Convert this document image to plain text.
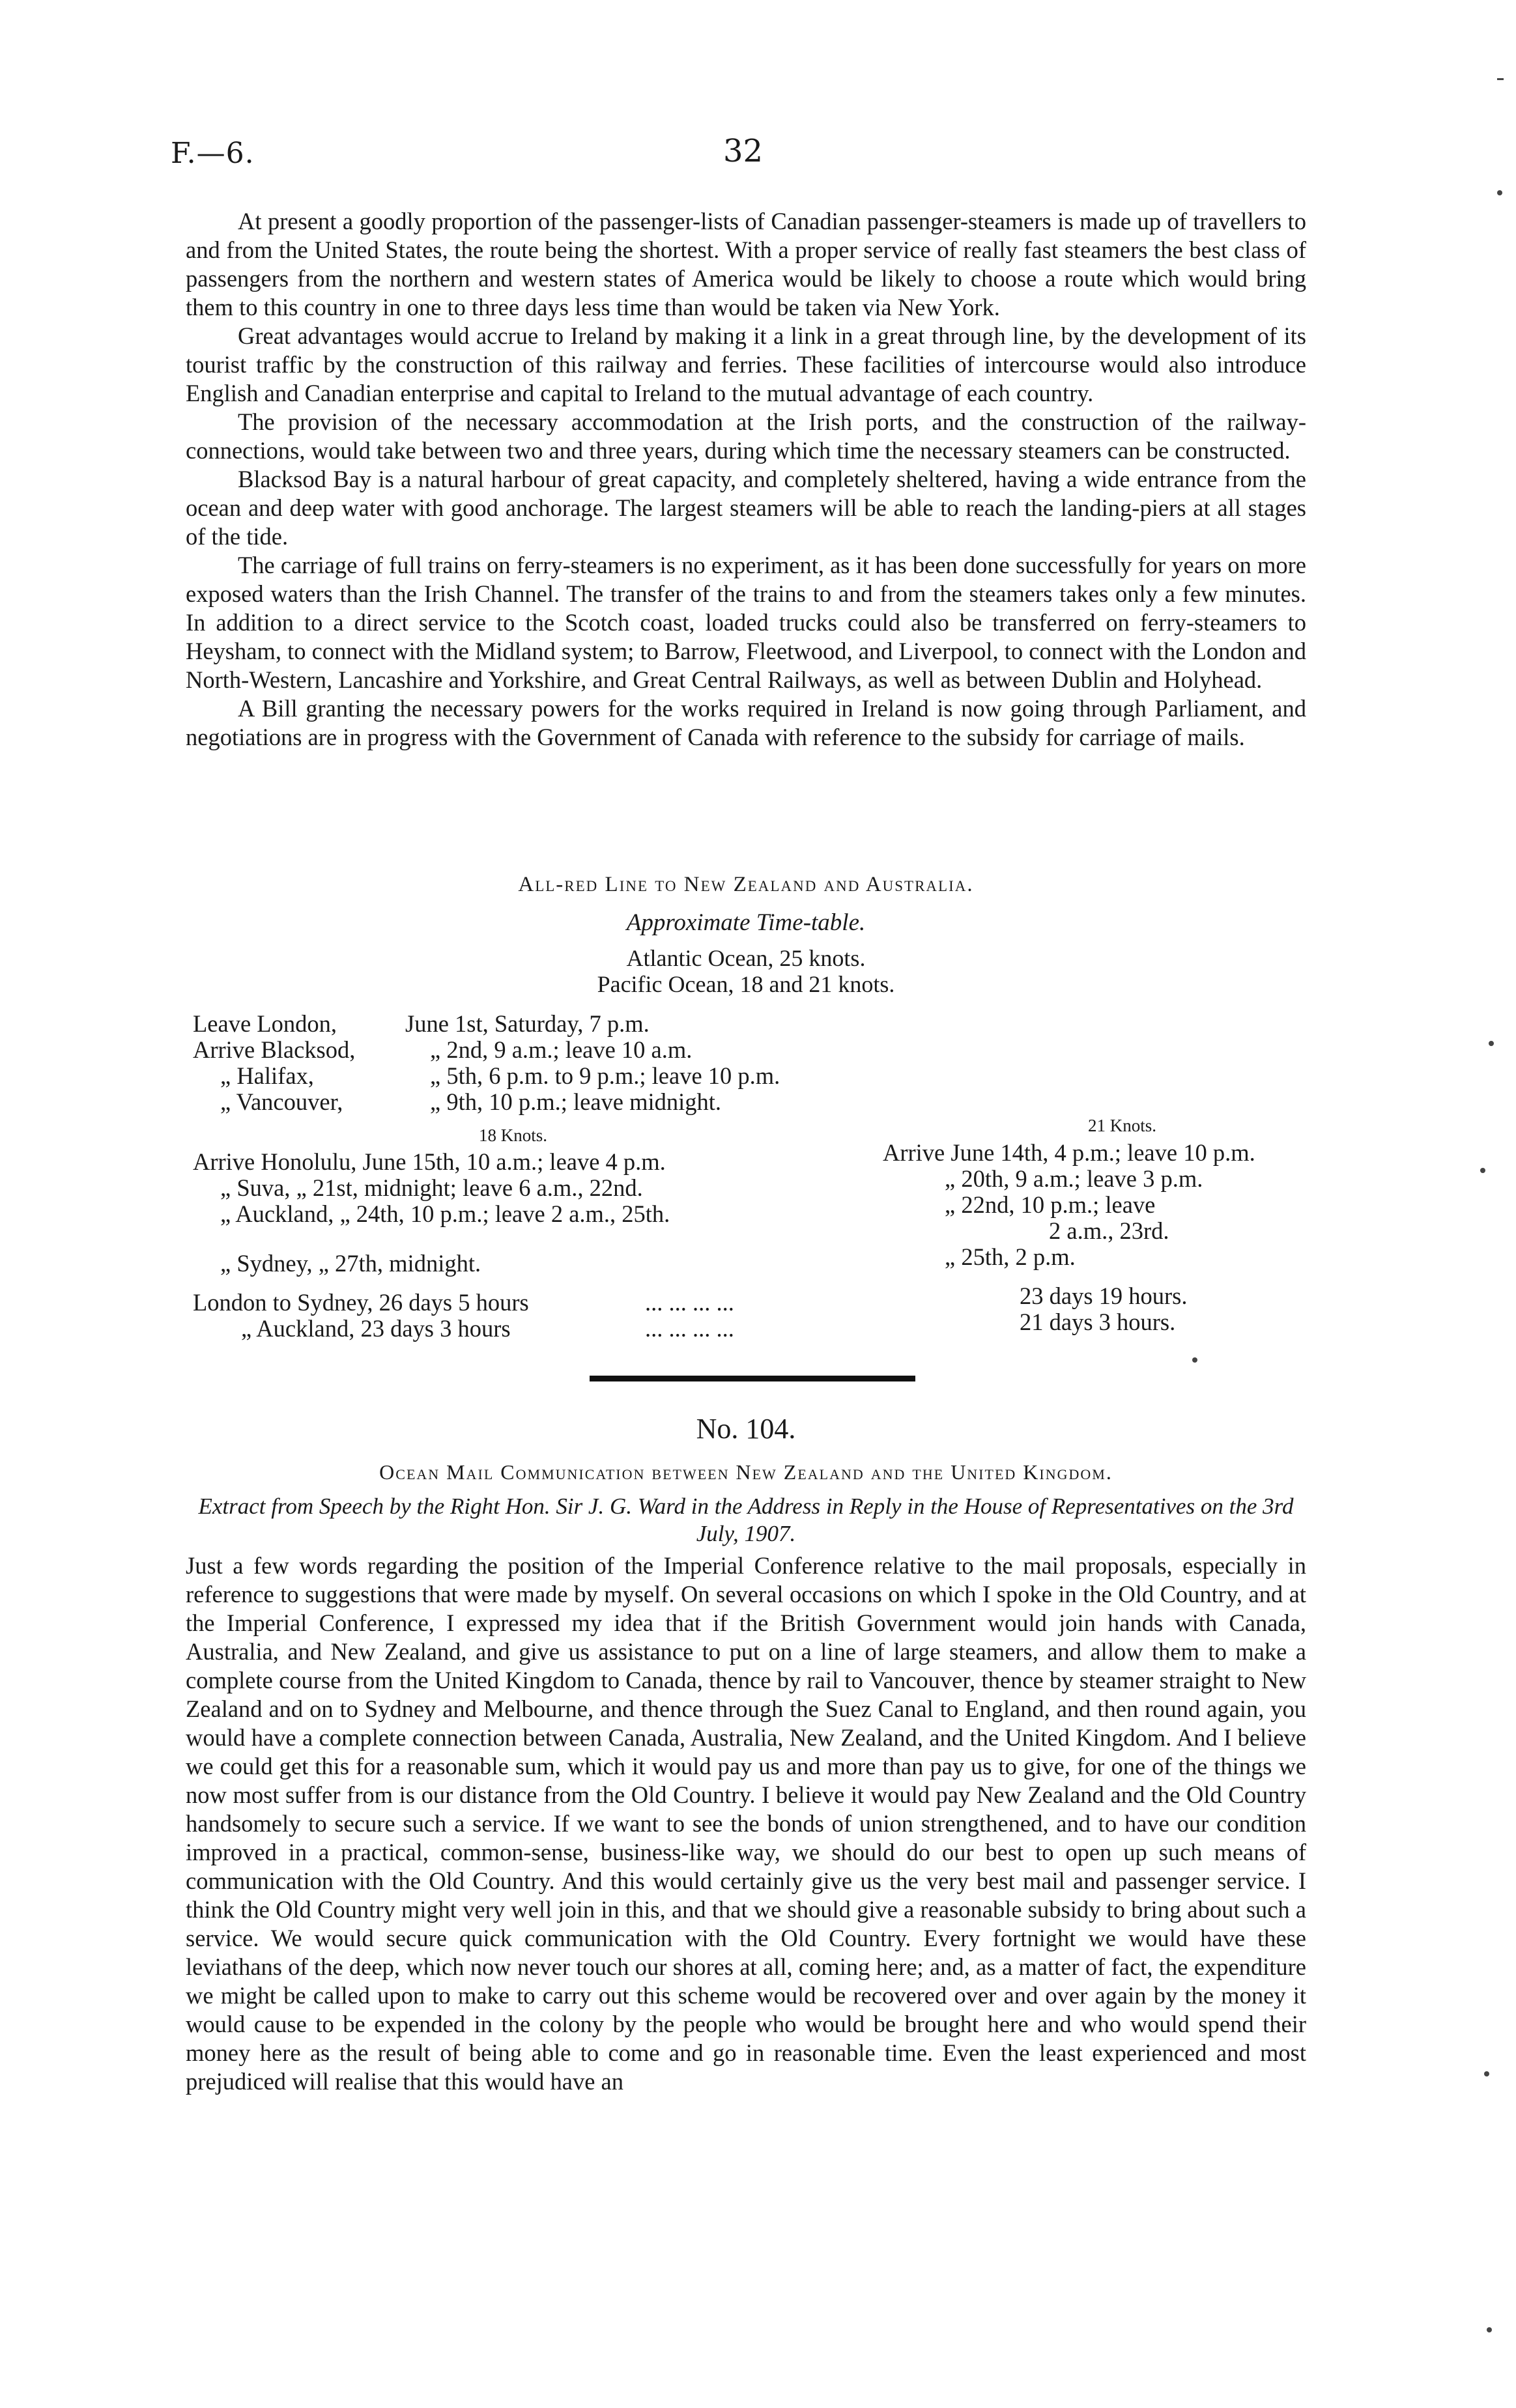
F.—6.	32

At present a goodly proportion of the passenger-lists of Canadian passenger-steamers is made up of travellers to and from the United States, the route being the shortest. With a proper service of really fast steamers the best class of passengers from the northern and western states of America would be likely to choose a route which would bring them to this country in one to three days less time than would be taken via New York.

Great advantages would accrue to Ireland by making it a link in a great through line, by the development of its tourist traffic by the construction of this railway and ferries. These facilities of intercourse would also introduce English and Canadian enterprise and capital to Ireland to the mutual advantage of each country.

The provision of the necessary accommodation at the Irish ports, and the construction of the railway-connections, would take between two and three years, during which time the necessary steamers can be constructed.

Blacksod Bay is a natural harbour of great capacity, and completely sheltered, having a wide entrance from the ocean and deep water with good anchorage. The largest steamers will be able to reach the landing-piers at all stages of the tide.

The carriage of full trains on ferry-steamers is no experiment, as it has been done successfully for years on more exposed waters than the Irish Channel. The transfer of the trains to and from the steamers takes only a few minutes. In addition to a direct service to the Scotch coast, loaded trucks could also be transferred on ferry-steamers to Heysham, to connect with the Midland system; to Barrow, Fleetwood, and Liverpool, to connect with the London and North-Western, Lancashire and Yorkshire, and Great Central Railways, as well as between Dublin and Holyhead.

A Bill granting the necessary powers for the works required in Ireland is now going through Parliament, and negotiations are in progress with the Government of Canada with reference to the subsidy for carriage of mails.

All-red Line to New Zealand and Australia.
Approximate Time-table.
Atlantic Ocean, 25 knots.
Pacific Ocean, 18 and 21 knots.
Leave London,	June 1st, Saturday, 7 p.m.
Arrive Blacksod,	„ 2nd, 9 a.m.; leave 10 a.m.
„ Halifax,	„ 5th, 6 p.m. to 9 p.m.; leave 10 p.m.
„ Vancouver,	„ 9th, 10 p.m.; leave midnight.
18 Knots.	21 Knots.
Arrive Honolulu, June 15th, 10 a.m.; leave 4 p.m.	Arrive June 14th, 4 p.m.; leave 10 p.m.
„ Suva, „ 21st, midnight; leave 6 a.m., 22nd.	„ 20th, 9 a.m.; leave 3 p.m.
„ Auckland, „ 24th, 10 p.m.; leave 2 a.m., 25th.	„ 22nd, 10 p.m.; leave
2 a.m., 23rd.
„ Sydney, „ 27th, midnight.	„ 25th, 2 p.m.
London to Sydney, 26 days 5 hours	... ... ... ...	23 days 19 hours.
„ Auckland, 23 days 3 hours	... ... ... ...	21 days 3 hours.
No. 104.
Ocean Mail Communication between New Zealand and the United Kingdom.
Extract from Speech by the Right Hon. Sir J. G. Ward in the Address in Reply in the House of Representatives on the 3rd July, 1907.

Just a few words regarding the position of the Imperial Conference relative to the mail proposals, especially in reference to suggestions that were made by myself. On several occasions on which I spoke in the Old Country, and at the Imperial Conference, I expressed my idea that if the British Government would join hands with Canada, Australia, and New Zealand, and give us assistance to put on a line of large steamers, and allow them to make a complete course from the United Kingdom to Canada, thence by rail to Vancouver, thence by steamer straight to New Zealand and on to Sydney and Melbourne, and thence through the Suez Canal to England, and then round again, you would have a complete connection between Canada, Australia, New Zealand, and the United Kingdom. And I believe we could get this for a reasonable sum, which it would pay us and more than pay us to give, for one of the things we now most suffer from is our distance from the Old Country. I believe it would pay New Zealand and the Old Country handsomely to secure such a service. If we want to see the bonds of union strengthened, and to have our condition improved in a practical, common-sense, business-like way, we should do our best to open up such means of communication with the Old Country. And this would certainly give us the very best mail and passenger service. I think the Old Country might very well join in this, and that we should give a reasonable subsidy to bring about such a service. We would secure quick communication with the Old Country. Every fortnight we would have these leviathans of the deep, which now never touch our shores at all, coming here; and, as a matter of fact, the expenditure we might be called upon to make to carry out this scheme would be recovered over and over again by the money it would cause to be expended in the colony by the people who would be brought here and who would spend their money here as the result of being able to come and go in reasonable time. Even the least experienced and most prejudiced will realise that this would have an
